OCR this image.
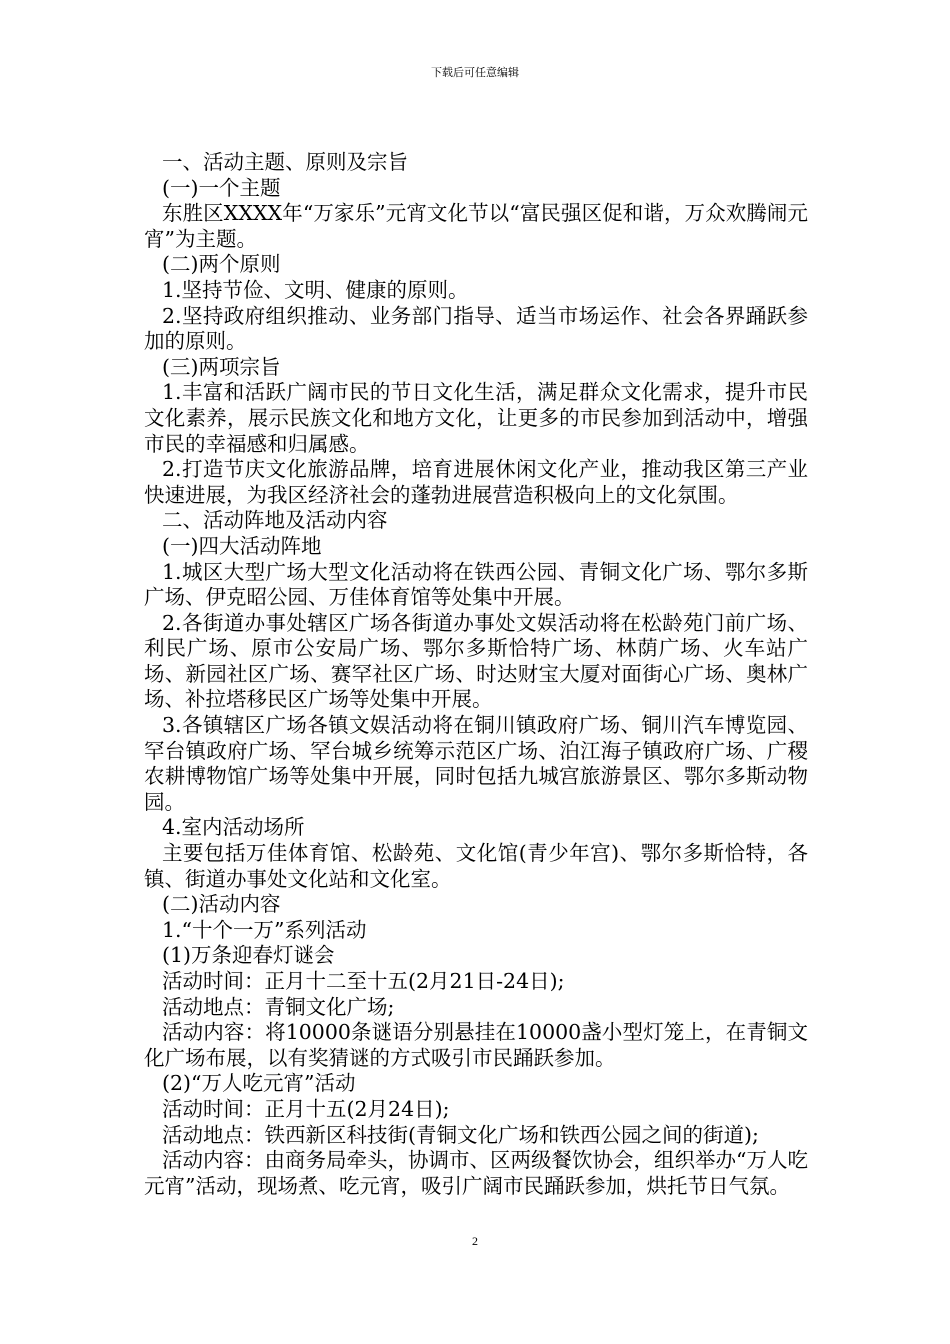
下载后可任意编辑

一、活动主题、原则及宗旨

(一)一个主题

东胜区XXXX年“万家乐”元宵文化节以“富民强区促和谐，万众欢腾闹元宵”为主题。

(二)两个原则

1.坚持节俭、文明、健康的原则。

2.坚持政府组织推动、业务部门指导、适当市场运作、社会各界踊跃参加的原则。

(三)两项宗旨

1.丰富和活跃广阔市民的节日文化生活，满足群众文化需求，提升市民文化素养，展示民族文化和地方文化，让更多的市民参加到活动中，增强市民的幸福感和归属感。

2.打造节庆文化旅游品牌，培育进展休闲文化产业，推动我区第三产业快速进展，为我区经济社会的蓬勃进展营造积极向上的文化氛围。

二、活动阵地及活动内容

(一)四大活动阵地

1.城区大型广场大型文化活动将在铁西公园、青铜文化广场、鄂尔多斯广场、伊克昭公园、万佳体育馆等处集中开展。

2.各街道办事处辖区广场各街道办事处文娱活动将在松龄苑门前广场、利民广场、原市公安局广场、鄂尔多斯恰特广场、林荫广场、火车站广场、新园社区广场、赛罕社区广场、时达财宝大厦对面街心广场、奥林广场、补拉塔移民区广场等处集中开展。

3.各镇辖区广场各镇文娱活动将在铜川镇政府广场、铜川汽车博览园、罕台镇政府广场、罕台城乡统筹示范区广场、泊江海子镇政府广场、广稷农耕博物馆广场等处集中开展，同时包括九城宫旅游景区、鄂尔多斯动物园。

4.室内活动场所

主要包括万佳体育馆、松龄苑、文化馆(青少年宫)、鄂尔多斯恰特，各镇、街道办事处文化站和文化室。

(二)活动内容

1.“十个一万”系列活动

(1)万条迎春灯谜会

活动时间：正月十二至十五(2月21日-24日);

活动地点：青铜文化广场;

活动内容：将10000条谜语分别悬挂在10000盏小型灯笼上，在青铜文化广场布展，以有奖猜谜的方式吸引市民踊跃参加。

(2)“万人吃元宵”活动

活动时间：正月十五(2月24日);

活动地点：铁西新区科技街(青铜文化广场和铁西公园之间的街道);

活动内容：由商务局牵头，协调市、区两级餐饮协会，组织举办“万人吃元宵”活动，现场煮、吃元宵，吸引广阔市民踊跃参加，烘托节日气氛。

2
